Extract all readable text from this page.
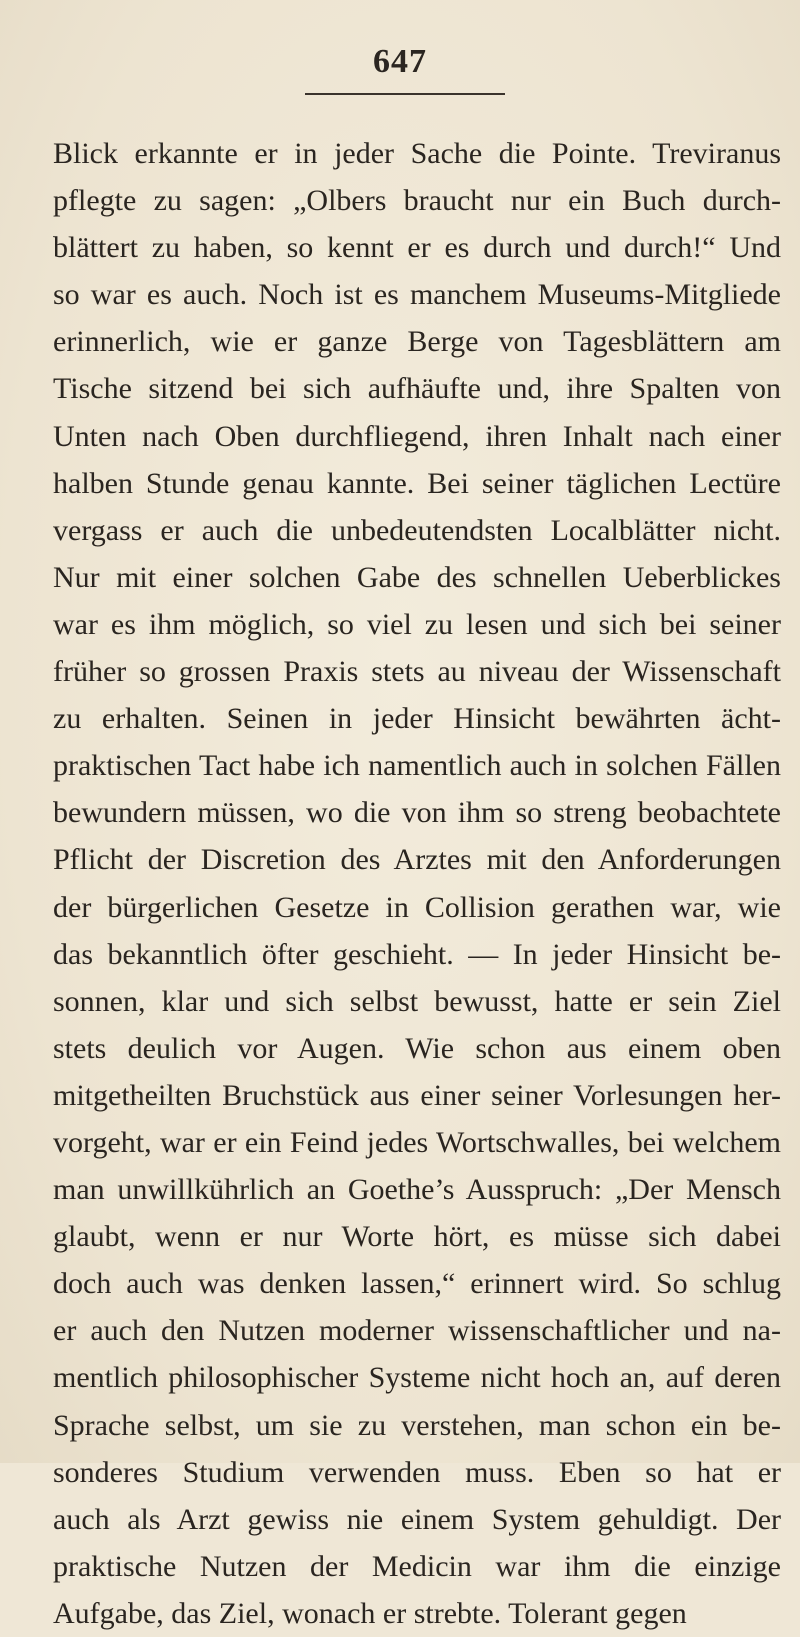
647
Blick erkannte er in jeder Sache die Pointe. Treviranus
pflegte zu sagen: „Olbers braucht nur ein Buch durch-
blättert zu haben, so kennt er es durch und durch!“ Und
so war es auch. Noch ist es manchem Museums-Mitgliede
erinnerlich, wie er ganze Berge von Tagesblättern am
Tische sitzend bei sich aufhäufte und, ihre Spalten von
Unten nach Oben durchfliegend, ihren Inhalt nach einer
halben Stunde genau kannte. Bei seiner täglichen Lectüre
vergass er auch die unbedeutendsten Localblätter nicht.
Nur mit einer solchen Gabe des schnellen Ueberblickes
war es ihm möglich, so viel zu lesen und sich bei seiner
früher so grossen Praxis stets au niveau der Wissenschaft
zu erhalten. Seinen in jeder Hinsicht bewährten ächt-
praktischen Tact habe ich namentlich auch in solchen Fällen
bewundern müssen, wo die von ihm so streng beobachtete
Pflicht der Discretion des Arztes mit den Anforderungen
der bürgerlichen Gesetze in Collision gerathen war, wie
das bekanntlich öfter geschieht. — In jeder Hinsicht be-
sonnen, klar und sich selbst bewusst, hatte er sein Ziel
stets deulich vor Augen. Wie schon aus einem oben
mitgetheilten Bruchstück aus einer seiner Vorlesungen her-
vorgeht, war er ein Feind jedes Wortschwalles, bei welchem
man unwillkührlich an Goethe’s Ausspruch: „Der Mensch
glaubt, wenn er nur Worte hört, es müsse sich dabei
doch auch was denken lassen,“ erinnert wird. So schlug
er auch den Nutzen moderner wissenschaftlicher und na-
mentlich philosophischer Systeme nicht hoch an, auf deren
Sprache selbst, um sie zu verstehen, man schon ein be-
sonderes Studium verwenden muss. Eben so hat er
auch als Arzt gewiss nie einem System gehuldigt. Der
praktische Nutzen der Medicin war ihm die einzige
Aufgabe, das Ziel, wonach er strebte. Tolerant gegen
